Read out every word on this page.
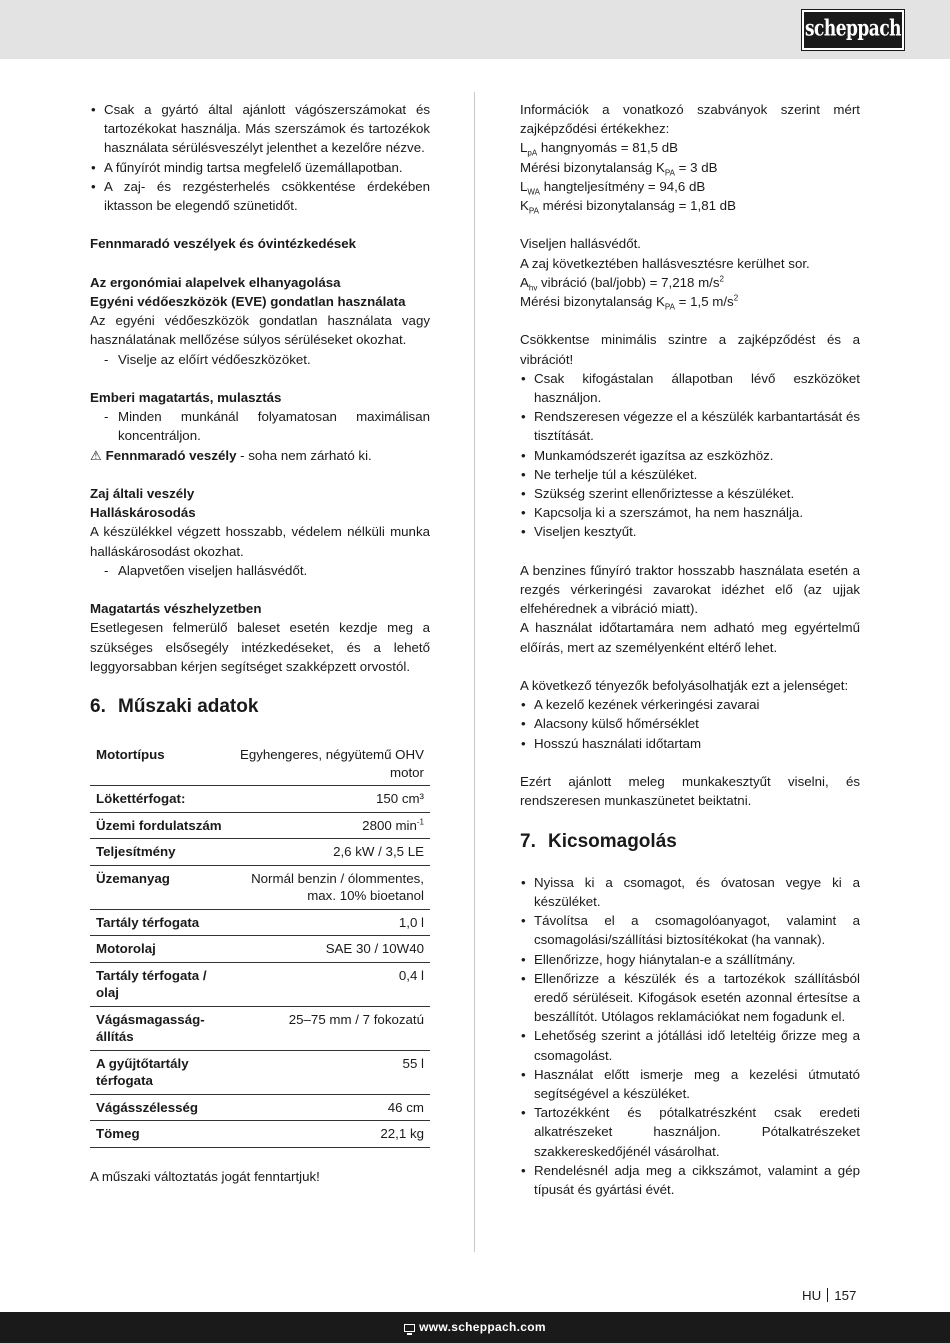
scheppach
• Csak a gyártó által ajánlott vágószerszámokat és tartozékokat használja. Más szerszámok és tartozékok használata sérülésveszélyt jelenthet a kezelőre nézve.
• A fűnyírót mindig tartsa megfelelő üzemállapotban.
• A zaj- és rezgésterhelés csökkentése érdekében iktasson be elegendő szünetidőt.
Fennmaradó veszélyek és óvintézkedések
Az ergonómiai alapelvek elhanyagolása
Egyéni védőeszközök (EVE) gondatlan használata

Az egyéni védőeszközök gondatlan használata vagy használatának mellőzése súlyos sérüléseket okozhat.

- Viselje az előírt védőeszközöket.
Emberi magatartás, mulasztás
- Minden munkánál folyamatosan maximálisan koncentráljon.
⚠ Fennmaradó veszély - soha nem zárható ki.
Zaj általi veszély
Halláskárosodás

A készülékkel végzett hosszabb, védelem nélküli munka halláskárosodást okozhat.

- Alapvetően viseljen hallásvédőt.
Magatartás vészhelyzetben

Esetlegesen felmerülő baleset esetén kezdje meg a szükséges elsősegély intézkedéseket, és a lehető leggyorsabban kérjen segítséget szakképzett orvostól.

6. Műszaki adatok
Motortípus	Egyhengeres, négyütemű OHV motor
Lökettérfogat:	150 cm³
Üzemi fordulatszám	2800 $\min^{-1}$
Teljesítmény	2,6 kW / 3,5 LE
Üzemanyag	Normál benzin / ólommentes, max. 10% bioetanol
Tartály térfogata	1,0 l
Motorolaj	SAE 30 / 10W40
Tartály térfogata / olaj	0,4 l
Vágásmagasság-állítás	25–75 mm / 7 fokozatú
A gyűjtőtartály térfogata	55 l
Vágásszélesség	46 cm
Tömeg	22,1 kg
A műszaki változtatás jogát fenntartjuk!

Információk a vonatkozó szabványok szerint mért zajképződési értékekhez:

$L_{pA}$ hangnyomás = 81,5 dB
Mérési bizonytalanság $K_{PA} = 3$ dB
$L_{WA}$ hangteljesítmény = 94,6 dB
$K_{PA}$ mérési bizonytalanság = 1,81 dB
Viseljen hallásvédőt.
A zaj következtében hallásvesztésre kerülhet sor.
$A_{hv}$ vibráció (bal/jobb) = 7,218 $m/s^2$
Mérési bizonytalanság $K_{PA} = 1,5$ $m/s^2$

Csökkentse minimális szintre a zajképződést és a vibrációt!

• Csak kifogástalan állapotban lévő eszközöket használjon.
• Rendszeresen végezze el a készülék karbantartását és tisztítását.
• Munkamódszerét igazítsa az eszközhöz.
• Ne terhelje túl a készüléket.
• Szükség szerint ellenőriztesse a készüléket.
• Kapcsolja ki a szerszámot, ha nem használja.
• Viseljen kesztyűt.

A benzines fűnyíró traktor hosszabb használata esetén a rezgés vérkeringési zavarokat idézhet elő (az ujjak elfehérednek a vibráció miatt).

A használat időtartamára nem adható meg egyértelmű előírás, mert az személyenként eltérő lehet.

A következő tényezők befolyásolhatják ezt a jelenséget:

• A kezelő kezének vérkeringési zavarai
• Alacsony külső hőmérséklet
• Hosszú használati időtartam

Ezért ajánlott meleg munkakesztyűt viselni, és rendszeresen munkaszünetet beiktatni.

7. Kicsomagolás
• Nyissa ki a csomagot, és óvatosan vegye ki a készüléket.
• Távolítsa el a csomagolóanyagot, valamint a csomagolási/szállítási biztosítékokat (ha vannak).
• Ellenőrizze, hogy hiánytalan-e a szállítmány.
• Ellenőrizze a készülék és a tartozékok szállításból eredő sérüléseit. Kifogások esetén azonnal értesítse a beszállítót. Utólagos reklamációkat nem fogadunk el.
• Lehetőség szerint a jótállási idő leteltéig őrizze meg a csomagolást.
• Használat előtt ismerje meg a kezelési útmutató segítségével a készüléket.
• Tartozékként és pótalkatrészként csak eredeti alkatrészeket használjon. Pótalkatrészeket szakkereskedőjénél vásárolhat.
• Rendelésnél adja meg a cikkszámot, valamint a gép típusát és gyártási évét.
HU 157
www.scheppach.com
